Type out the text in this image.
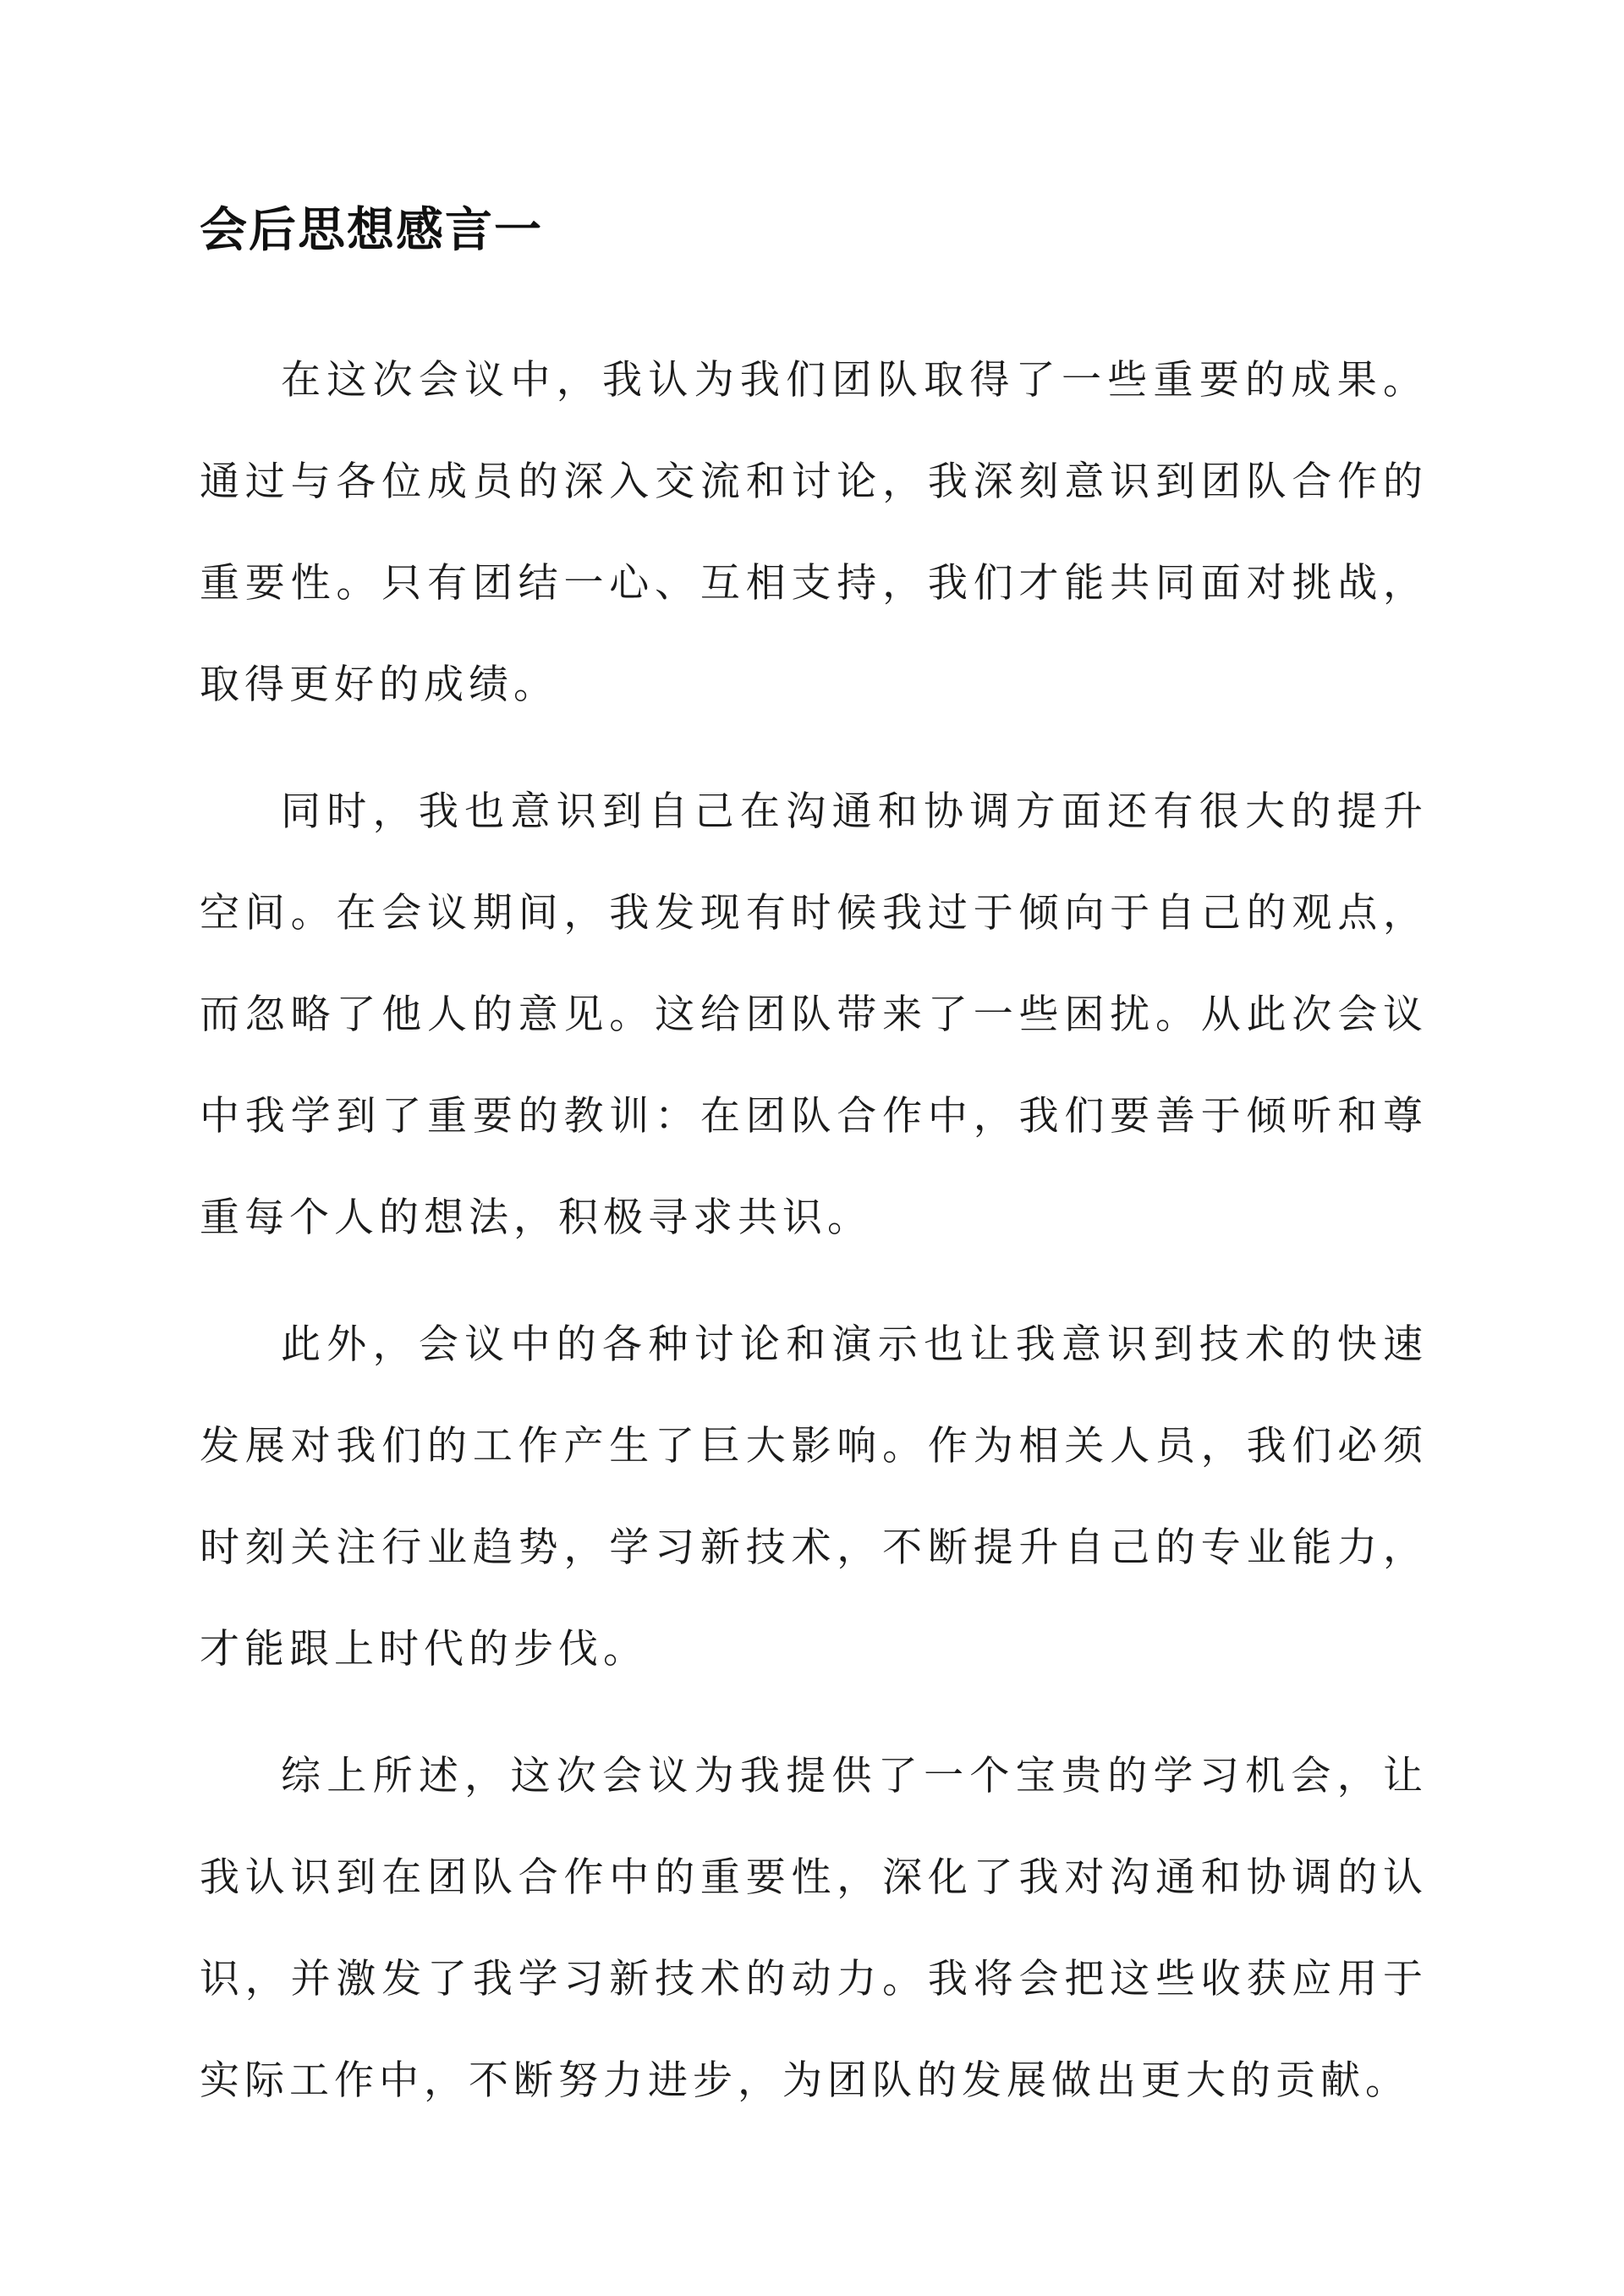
会后思想感言一

在这次会议中，我认为我们团队取得了一些重要的成果。通过与各位成员的深入交流和讨论，我深刻意识到团队合作的重要性。只有团结一心、互相支持，我们才能共同面对挑战，取得更好的成绩。

同时，我也意识到自己在沟通和协调方面还有很大的提升空间。在会议期间，我发现有时候我过于倾向于自己的观点，而忽略了他人的意见。这给团队带来了一些困扰。从此次会议中我学到了重要的教训：在团队合作中，我们要善于倾听和尊重每个人的想法，积极寻求共识。

此外，会议中的各种讨论和演示也让我意识到技术的快速发展对我们的工作产生了巨大影响。作为相关人员，我们必须时刻关注行业趋势，学习新技术，不断提升自己的专业能力，才能跟上时代的步伐。

综上所述，这次会议为我提供了一个宝贵的学习机会，让我认识到在团队合作中的重要性，深化了我对沟通和协调的认识，并激发了我学习新技术的动力。我将会把这些收获应用于实际工作中，不断努力进步，为团队的发展做出更大的贡献。
